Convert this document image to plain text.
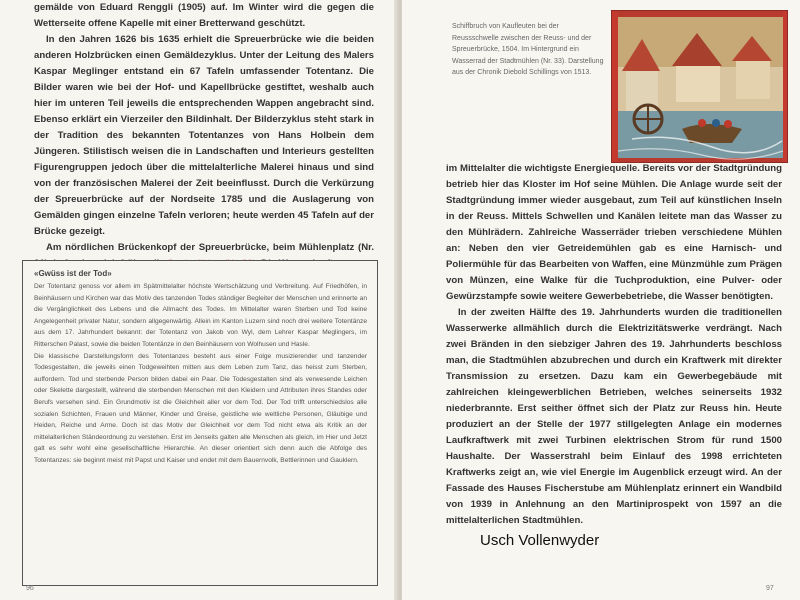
gemälde von Eduard Renggli (1905) auf. Im Winter wird die gegen die Wetterseite offene Kapelle mit einer Bretterwand geschützt.

In den Jahren 1626 bis 1635 erhielt die Spreuerbrücke wie die beiden anderen Holzbrücken einen Gemäldezyklus. Unter der Leitung des Malers Kaspar Meglinger entstand ein 67 Tafeln umfassender Totentanz. Die Bilder waren wie bei der Hof- und Kapellbrücke gestiftet, weshalb auch hier im unteren Teil jeweils die entsprechenden Wappen angebracht sind. Ebenso erklärt ein Vierzeiler den Bildinhalt. Der Bilderzyklus steht stark in der Tradition des bekannten Totentanzes von Hans Holbein dem Jüngeren. Stilistisch weisen die in Landschaften und Interieurs gestellten Figurengruppen jedoch über die mittelalterliche Malerei hinaus und sind von der französischen Malerei der Zeit beeinflusst. Durch die Verkürzung der Spreuerbrücke auf der Nordseite 1785 und die Auslagerung von Gemälden gingen einzelne Tafeln verloren; heute werden 45 Tafeln auf der Brücke gezeigt.

Am nördlichen Brückenkopf der Spreuerbrücke, beim Mühlenplatz (Nr.

«Gwüss ist der Tod»

Der Totentanz genoss vor allem im Spätmittelalter höchste Wertschätzung und Verbreitung. Auf Friedhöfen, in Beinhäusern und Kirchen war das Motiv des tanzenden Todes ständiger Begleiter der Menschen und erinnerte an die Vergänglichkeit des Lebens und die Allmacht des Todes. Im Mittelalter waren Sterben und Tod keine Angelegenheit privater Natur, sondern allgegenwärtig. Allein im Kanton Luzern sind noch drei weitere Totentänze aus dem 17. Jahrhundert bekannt: der Totentanz von Jakob von Wyl, dem Lehrer Kaspar Meglingers, im Ritterschen Palast, sowie die beiden Totentänze in den Beinhäusern von Wolhusen und Hasle.

Die klassische Darstellungsform des Totentanzes besteht aus einer Folge musizierender und tanzender Todesgestalten, die jeweils einen Todgeweihten mitten aus dem Leben zum Tanz, das heisst zum Sterben, auffordern. Tod und sterbende Person bilden dabei ein Paar. Die Todesgestalten sind als verwesende Leichen oder Skelette dargestellt, während die sterbenden Menschen mit den Kleidern und Attributen ihres Standes oder Berufs versehen sind. Ein Grundmotiv ist die Gleichheit aller vor dem Tod. Der Tod trifft unterschiedslos alle sozialen Schichten, Frauen und Männer, Kinder und Greise, geistliche wie weltliche Personen, Gläubige und Heiden, Reiche und Arme. Doch ist das Motiv der Gleichheit vor dem Tod nicht etwa als Kritik an der mittelalterlichen Ständeordnung zu verstehen. Erst im Jenseits galten alle Menschen als gleich, im Hier und Jetzt galt es sehr wohl eine gesellschaftliche Hierarchie. An dieser orientiert sich denn auch die Abfolge des Totentanzes: sie beginnt meist mit Papst und Kaiser und endet mit dem Bauernvolk, Bettlerinnen und Gauklern.

96
Schiffbruch von Kaufleuten bei der Reussschwelle zwischen der Reuss- und der Spreuerbrücke, 1504. Im Hintergrund ein Wasserrad der Stadtmühlen (Nr. 33). Darstellung aus der Chronik Diebold Schillings von 1513.

im Mittelalter die wichtigste Energiequelle. Bereits vor der Stadtgründung betrieb hier das Kloster im Hof seine Mühlen. Die Anlage wurde seit der Stadtgründung immer wieder ausgebaut, zum Teil auf künstlichen Inseln in der Reuss. Mittels Schwellen und Kanälen leitete man das Wasser zu den Mühlrädern. Zahlreiche Wasserräder trieben verschiedene Mühlen an: Neben den vier Getreidemühlen gab es eine Harnisch- und Poliermühle für das Bearbeiten von Waffen, eine Münzmühle zum Prägen von Münzen, eine Walke für die Tuchproduktion, eine Pulver- oder Gewürzstampfe sowie weitere Gewerbebetriebe, die Wasser benötigten.

In der zweiten Hälfte des 19. Jahrhunderts wurden die traditionellen Wasserwerke allmählich durch die Elektrizitätswerke verdrängt. Nach zwei Bränden in den siebziger Jahren des 19. Jahrhunderts beschloss man, die Stadtmühlen abzubrechen und durch ein Kraftwerk mit direkter Transmission zu ersetzen. Dazu kam ein Gewerbegebäude mit zahlreichen kleingewerblichen Betrieben, welches seinerseits 1932 niederbrannte. Erst seither öffnet sich der Platz zur Reuss hin. Heute produziert an der Stelle der 1977 stillgelegten Anlage ein modernes Laufkraftwerk mit zwei Turbinen elektrischen Strom für rund 1500 Haushalte. Der Wasserstrahl beim Einlauf des 1998 errichteten Kraftwerks zeigt an, wie viel Energie im Augenblick erzeugt wird. An der Fassade des Hauses Fischerstube am Mühlenplatz erinnert ein Wandbild von 1939 in Anlehnung an den Martiniprospekt von 1597 an die mittelalterlichen Stadtmühlen.

Usch Vollenwyder
97
